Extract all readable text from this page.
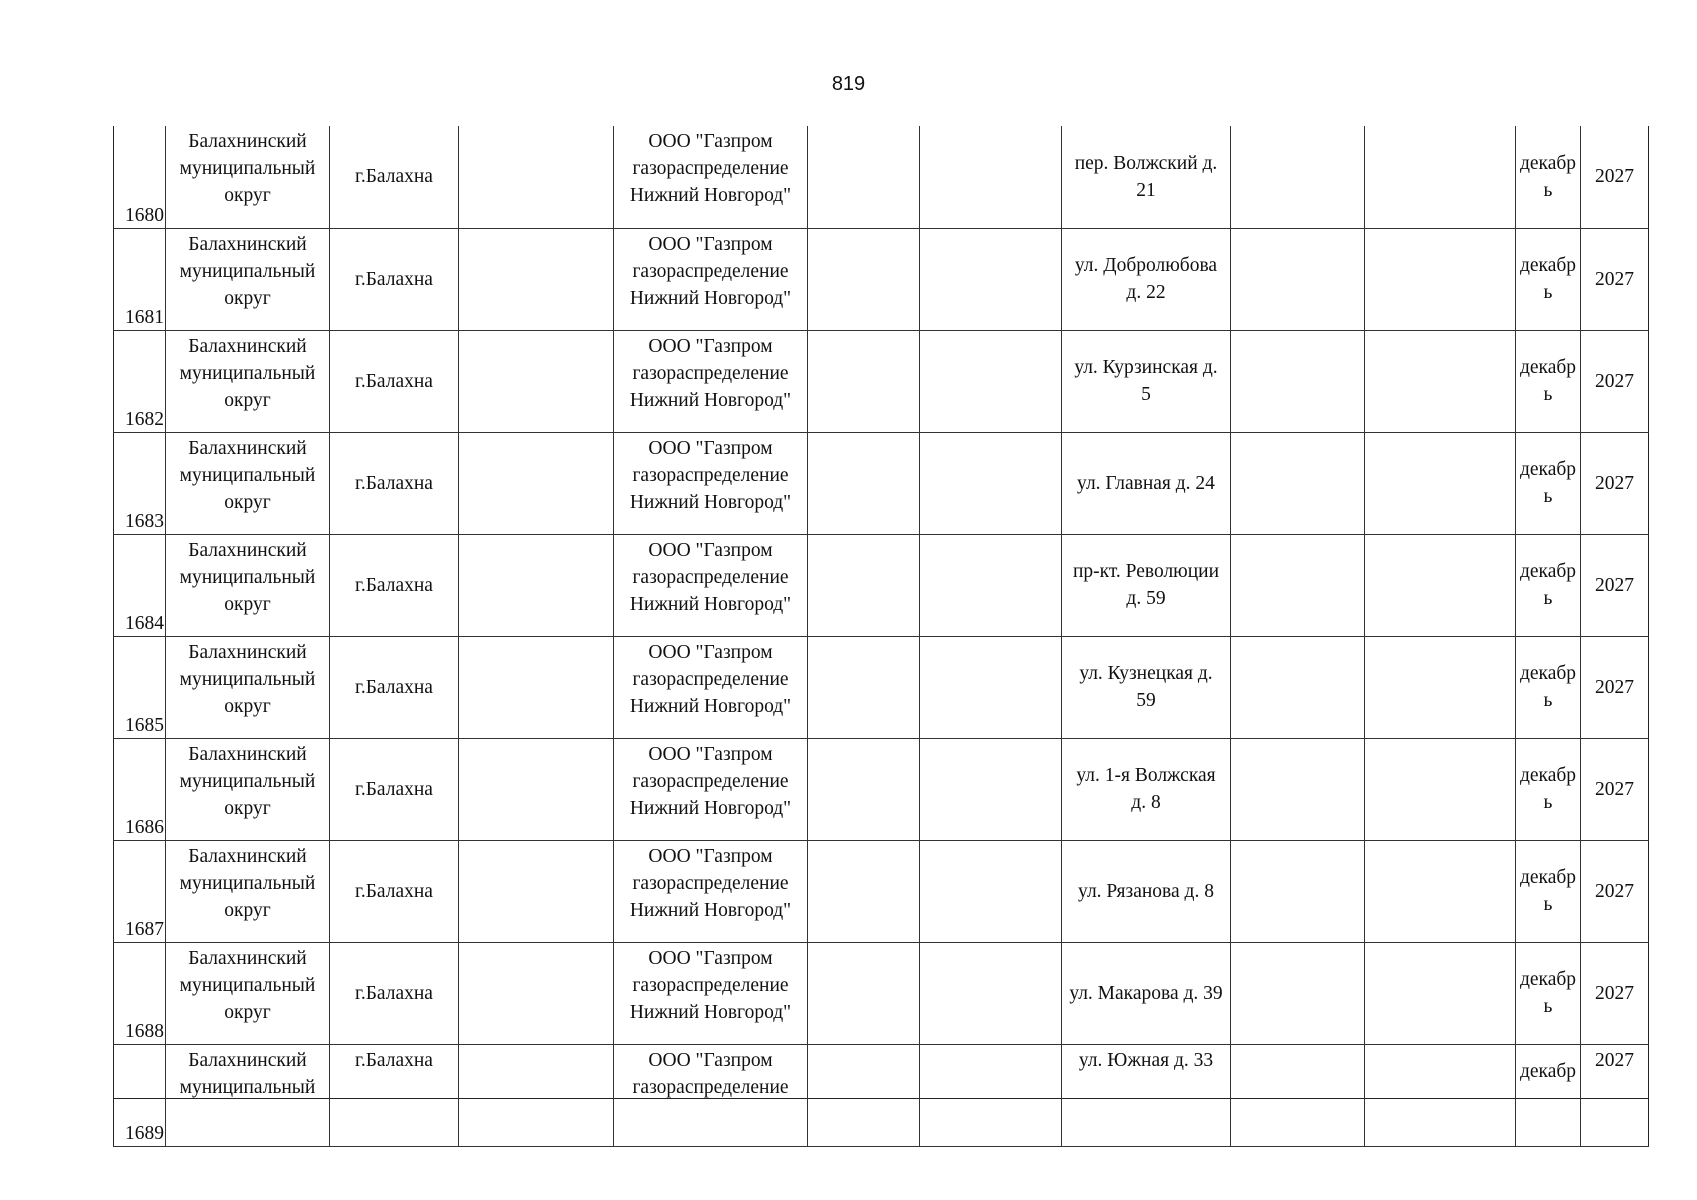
819
1680	Балахнинский
муниципальный
округ	г.Балахна		ООО "Газпром
газораспределение
Нижний Новгород"			пер. Волжский д.
21			декабрь	2027

1681	Балахнинский
муниципальный
округ	г.Балахна		ООО "Газпром
газораспределение
Нижний Новгород"			ул. Добролюбова
д. 22			декабрь	2027

1682	Балахнинский
муниципальный
округ	г.Балахна		ООО "Газпром
газораспределение
Нижний Новгород"			ул. Курзинская д.
5			декабрь	2027

1683	Балахнинский
муниципальный
округ	г.Балахна		ООО "Газпром
газораспределение
Нижний Новгород"			ул. Главная д. 24			декабрь	2027

1684	Балахнинский
муниципальный
округ	г.Балахна		ООО "Газпром
газораспределение
Нижний Новгород"			пр-кт. Революции
д. 59			декабрь	2027

1685	Балахнинский
муниципальный
округ	г.Балахна		ООО "Газпром
газораспределение
Нижний Новгород"			ул. Кузнецкая д.
59			декабрь	2027

1686	Балахнинский
муниципальный
округ	г.Балахна		ООО "Газпром
газораспределение
Нижний Новгород"			ул. 1-я Волжская
д. 8			декабрь	2027

1687	Балахнинский
муниципальный
округ	г.Балахна		ООО "Газпром
газораспределение
Нижний Новгород"			ул. Рязанова д. 8			декабрь	2027

1688	Балахнинский
муниципальный
округ	г.Балахна		ООО "Газпром
газораспределение
Нижний Новгород"			ул. Макарова д. 39			декабрь	2027

1689	Балахнинский
муниципальный	г.Балахна		ООО "Газпром
газораспределение			ул. Южная д. 33			декабр	2027
